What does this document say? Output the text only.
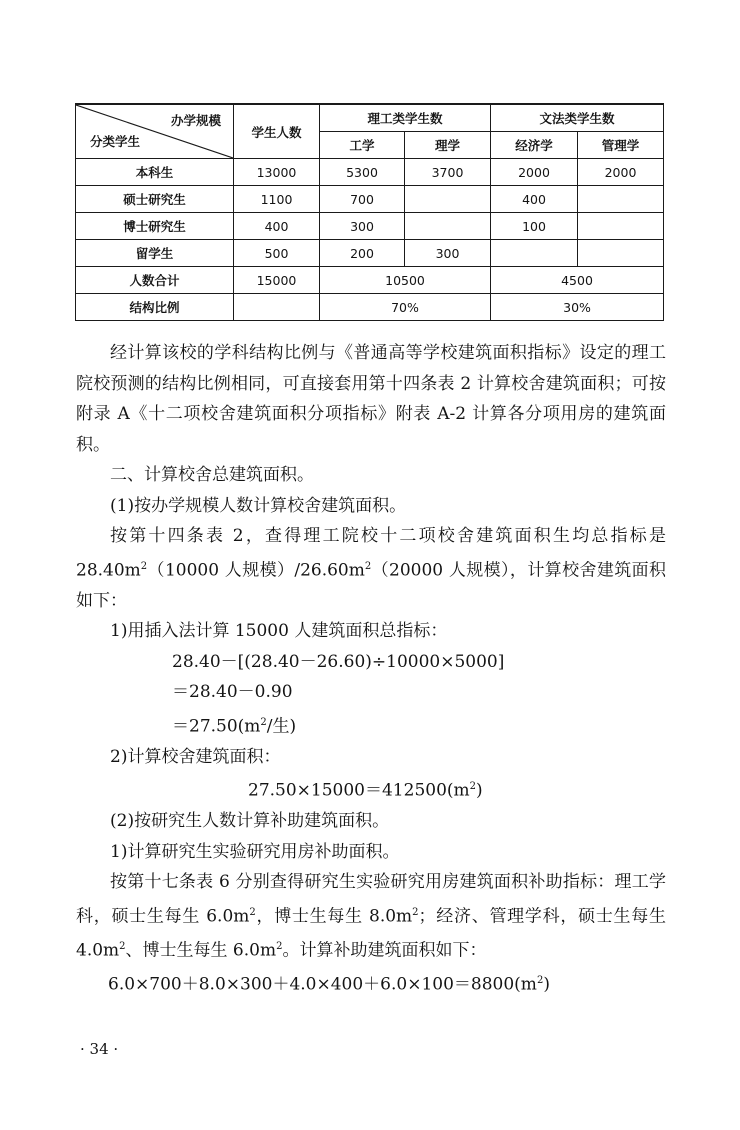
办学规模
分类学生	学生人数	理工类学生数		文法类学生数	
		工学	理学	经济学	管理学
本科生	13000	5300	3700	2000	2000
硕士研究生	1100	700		400	
博士研究生	400	300		100	
留学生	500	200	300		
人数合计	15000	10500		4500	
结构比例		70%		30%	

经计算该校的学科结构比例与《普通高等学校建筑面积指标》设定的理工院校预测的结构比例相同，可直接套用第十四条表 2 计算校舍建筑面积；可按附录 A《十二项校舍建筑面积分项指标》附表 A-2 计算各分项用房的建筑面积。

二、计算校舍总建筑面积。

(1)按办学规模人数计算校舍建筑面积。

按第十四条表 2，查得理工院校十二项校舍建筑面积生均总指标是 $28.40m^2(10000$ 人规模）$/26.60m^2(20000$ 人规模），计算校舍建筑面积如下：

1)用插入法计算 15000 人建筑面积总指标：

28.40－[(28.40－26.60)÷10000×5000]

＝28.40－0.90

$=27.50(m^2/$生)

2)计算校舍建筑面积：

$27.50\times 15000=412500(m^2)$

(2)按研究生人数计算补助建筑面积。

1)计算研究生实验研究用房补助面积。

按第十七条表 6 分别查得研究生实验研究用房建筑面积补助指标：理工学科，硕士生每生 $6.0m^2$，博士生每生 $8.0m^2$；经济、管理学科，硕士生每生 $4.0m^2$、博士生每生 $6.0m^2$。计算补助建筑面积如下：

$6.0\times 700+8.0\times 300+4.0\times 400+6.0\times 100=8800(m^2)$

· 34 ·
